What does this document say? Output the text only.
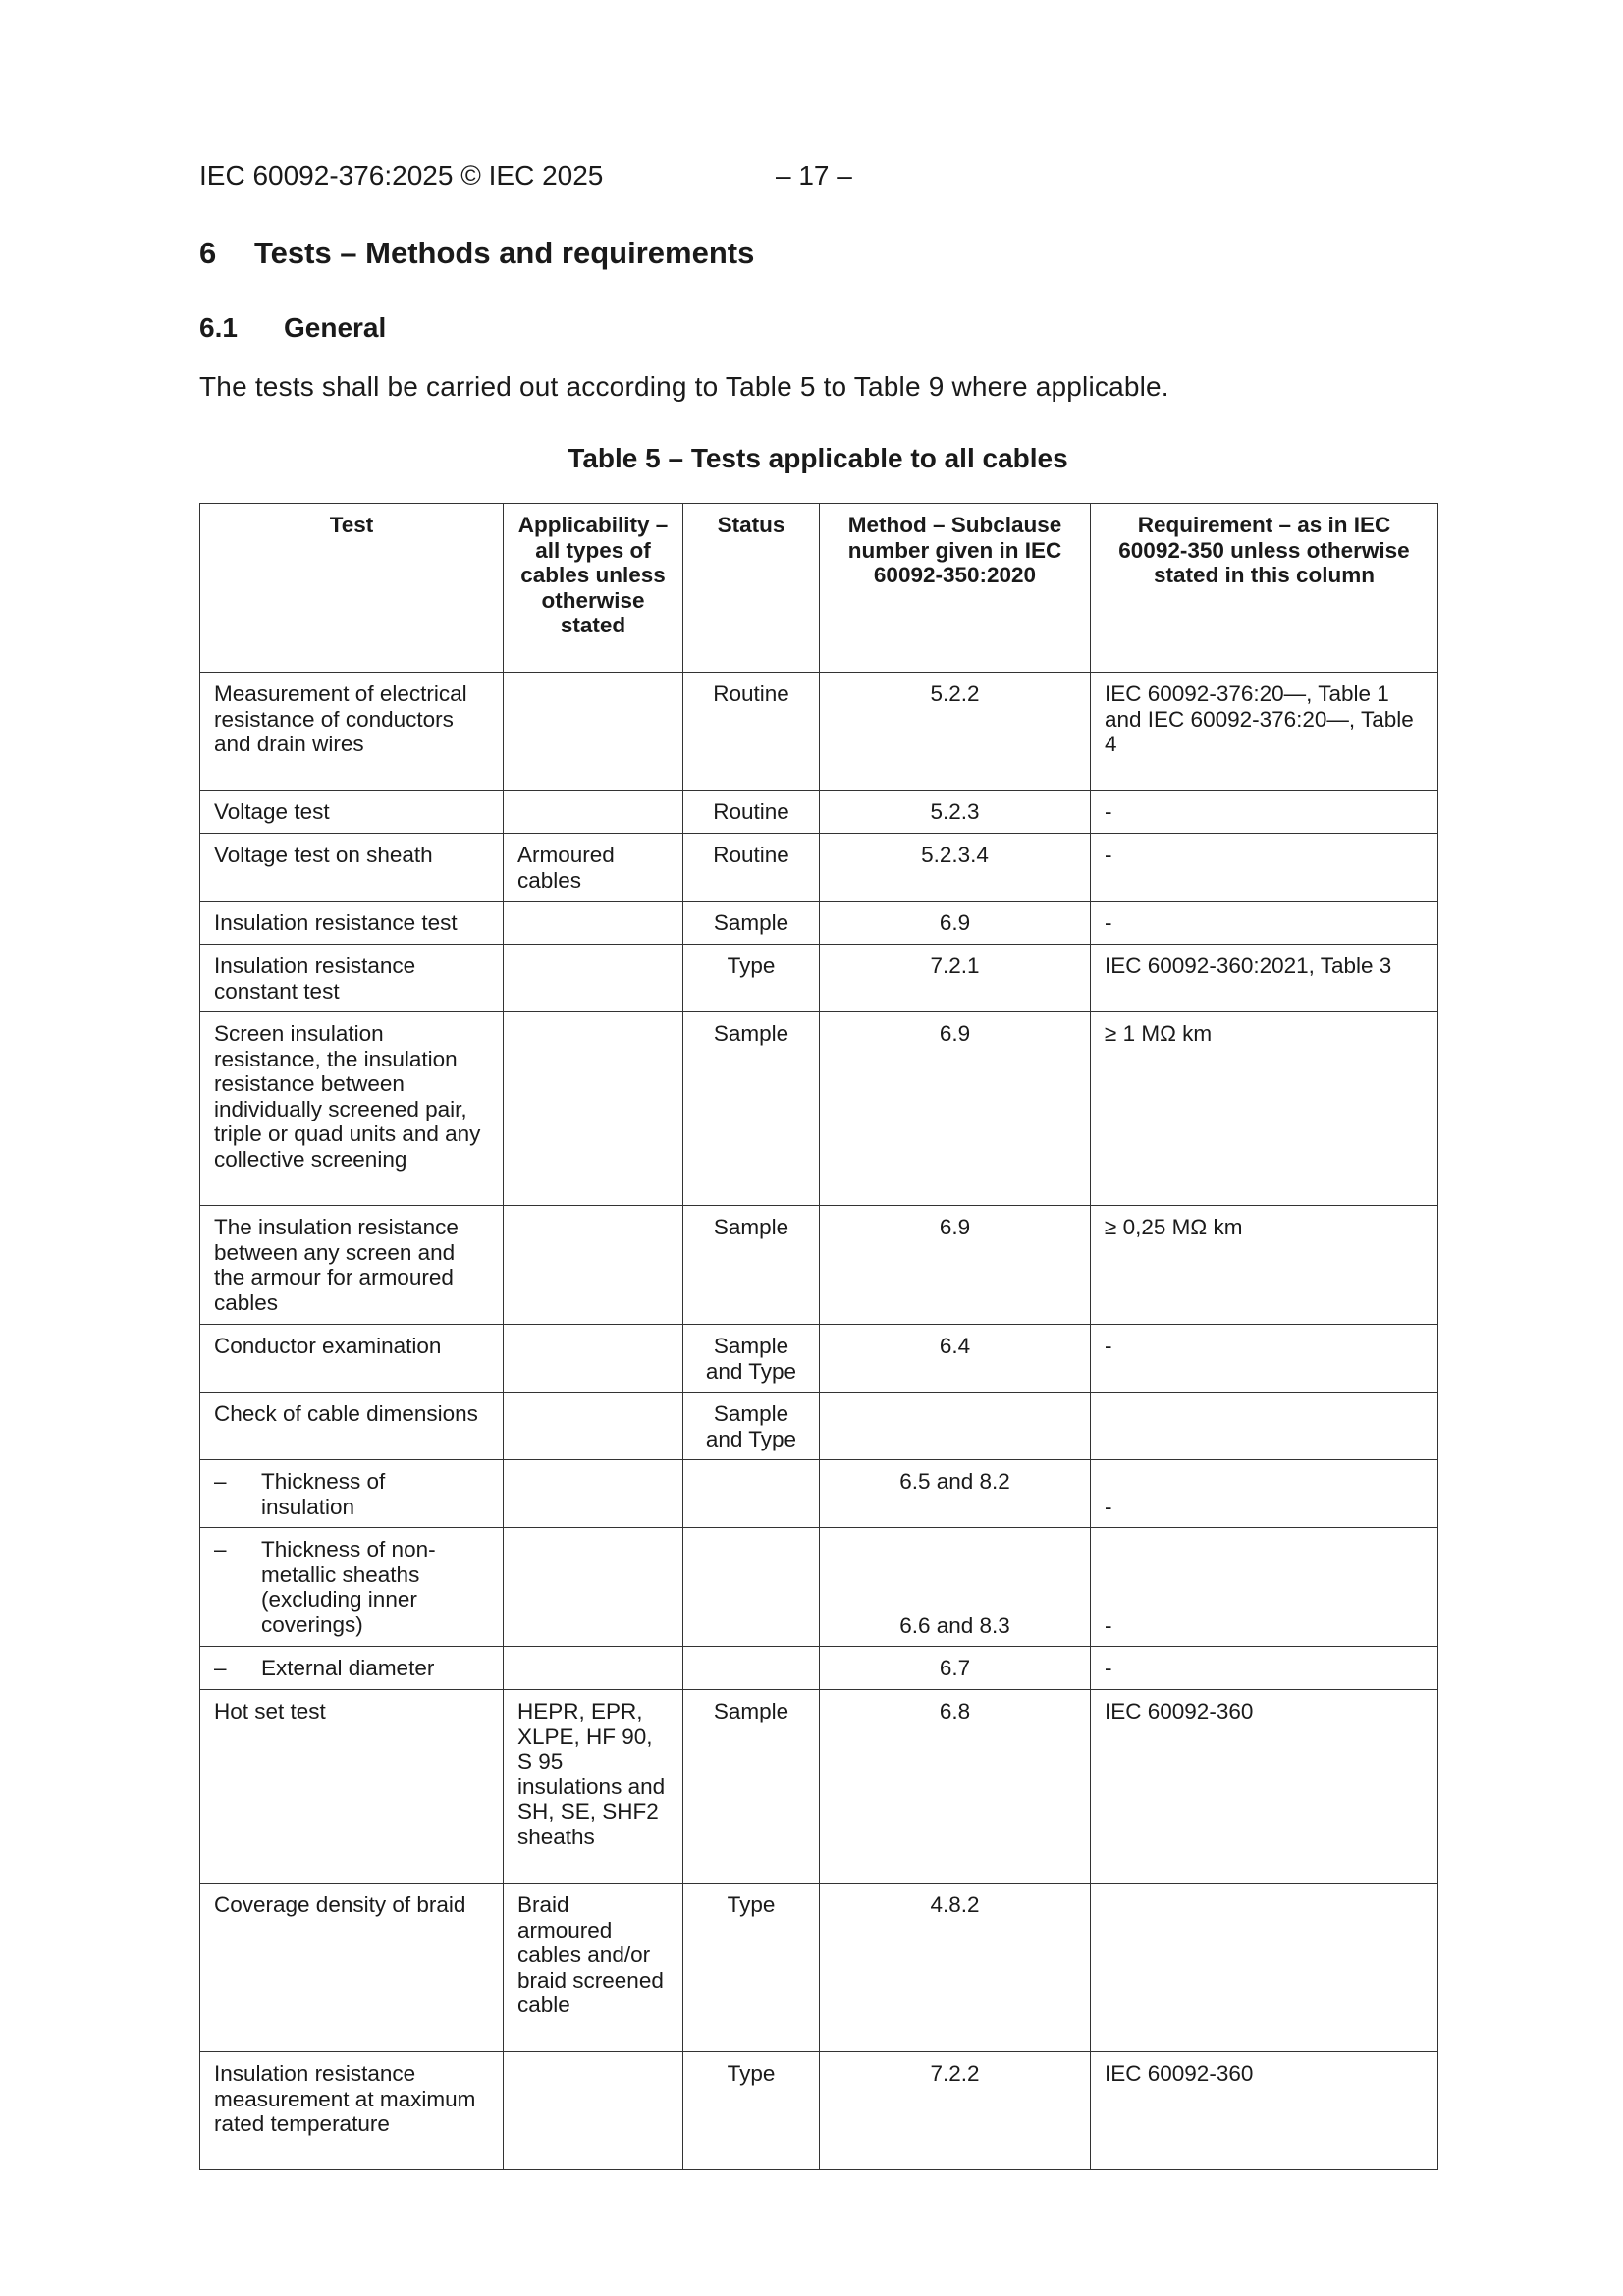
IEC 60092-376:2025 © IEC 2025	– 17 –
6 Tests – Methods and requirements
6.1 General
The tests shall be carried out according to Table 5 to Table 9 where applicable.
Table 5 – Tests applicable to all cables
Test	Applicability – all types of cables unless otherwise stated	Status	Method – Subclause number given in IEC 60092-350:2020	Requirement – as in IEC 60092-350 unless otherwise stated in this column
Measurement of electrical resistance of conductors and drain wires		Routine	5.2.2	IEC 60092-376:20—, Table 1 and IEC 60092-376:20—, Table 4
Voltage test		Routine	5.2.3	-
Voltage test on sheath	Armoured cables	Routine	5.2.3.4	-
Insulation resistance test		Sample	6.9	-
Insulation resistance constant test		Type	7.2.1	IEC 60092-360:2021, Table 3
Screen insulation resistance, the insulation resistance between individually screened pair, triple or quad units and any collective screening		Sample	6.9	≥ 1 MΩ km
The insulation resistance between any screen and the armour for armoured cables		Sample	6.9	≥ 0,25 MΩ km
Conductor examination		Sample and Type	6.4	-
Check of cable dimensions		Sample and Type		
– Thickness of insulation			6.5 and 8.2	-
– Thickness of non-metallic sheaths (excluding inner coverings)			6.6 and 8.3	-
– External diameter			6.7	-
Hot set test	HEPR, EPR, XLPE, HF 90, S 95 insulations and SH, SE, SHF2 sheaths	Sample	6.8	IEC 60092-360
Coverage density of braid	Braid armoured cables and/or braid screened cable	Type	4.8.2	
Insulation resistance measurement at maximum rated temperature		Type	7.2.2	IEC 60092-360
